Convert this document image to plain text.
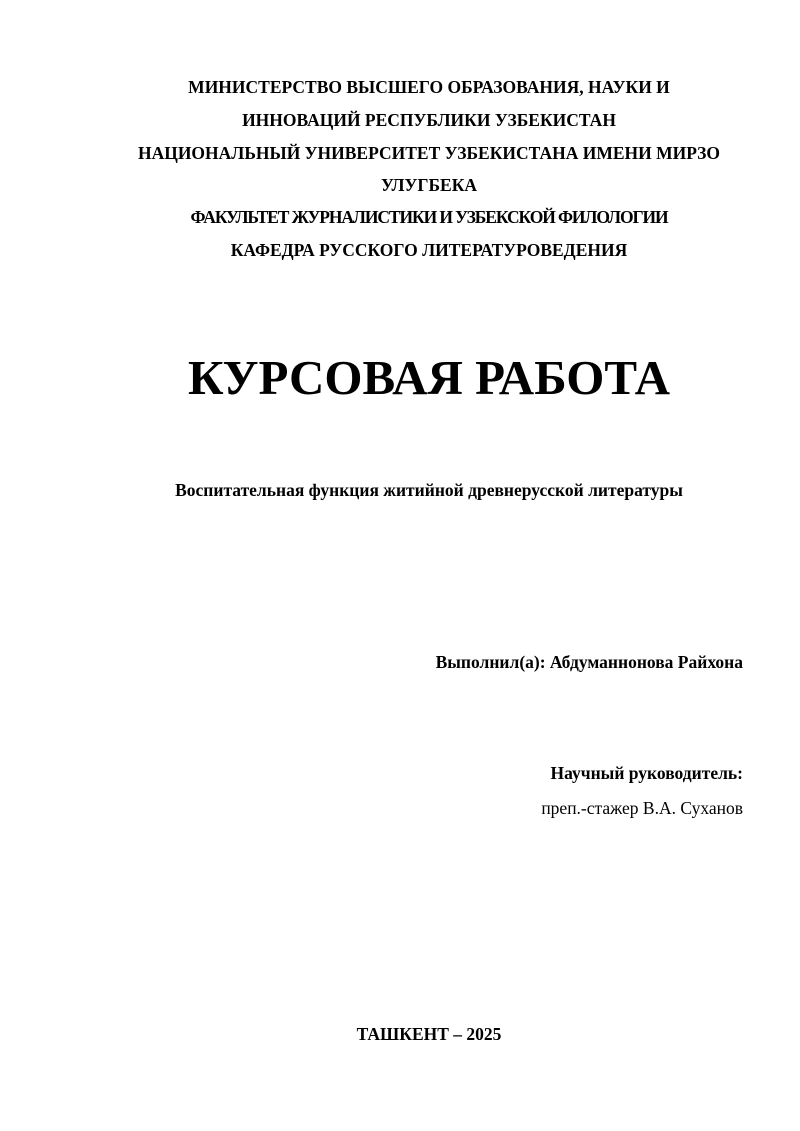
МИНИСТЕРСТВО ВЫСШЕГО ОБРАЗОВАНИЯ, НАУКИ И
ИННОВАЦИЙ РЕСПУБЛИКИ УЗБЕКИСТАН
НАЦИОНАЛЬНЫЙ УНИВЕРСИТЕТ УЗБЕКИСТАНА ИМЕНИ МИРЗО
УЛУГБЕКА
ФАКУЛЬТЕТ ЖУРНАЛИСТИКИ И УЗБЕКСКОЙ ФИЛОЛОГИИ
КАФЕДРА РУССКОГО ЛИТЕРАТУРОВЕДЕНИЯ
КУРСОВАЯ РАБОТА
Воспитательная функция житийной древнерусской литературы
Выполнил(а): Абдуманнонова Райхона
Научный руководитель:
преп.-стажер В.А. Суханов
ТАШКЕНТ – 2025
